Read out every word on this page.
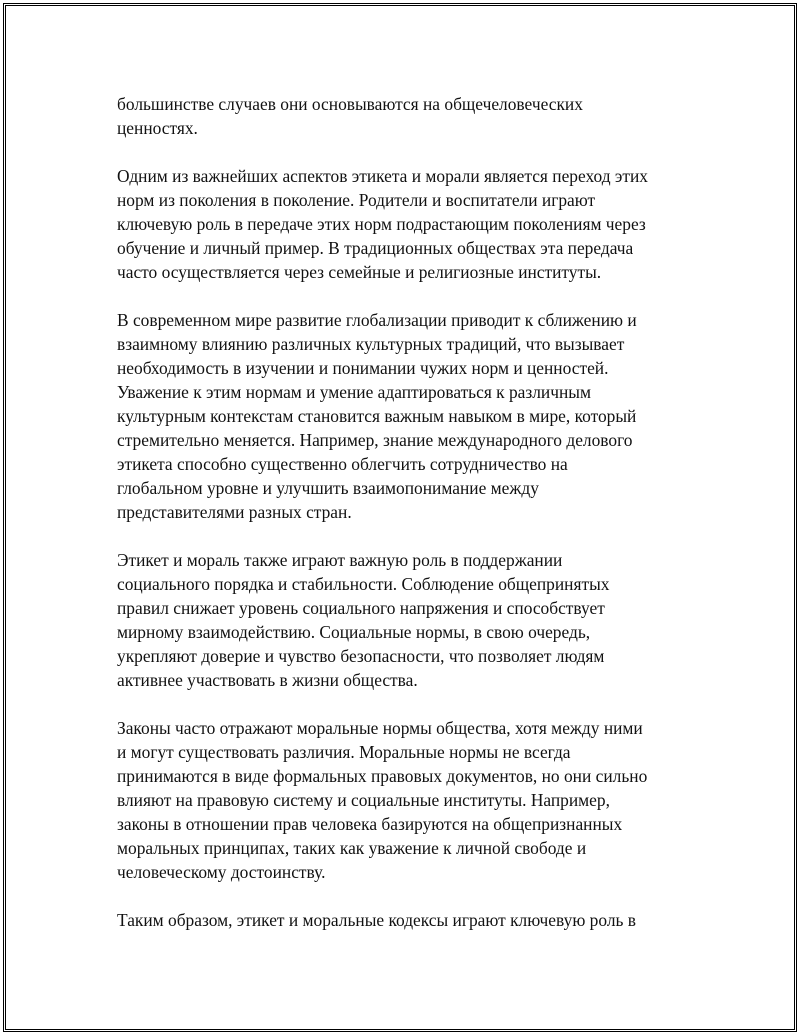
большинстве случаев они основываются на общечеловеческих
ценностях.

Одним из важнейших аспектов этикета и морали является переход этих
норм из поколения в поколение. Родители и воспитатели играют
ключевую роль в передаче этих норм подрастающим поколениям через
обучение и личный пример. В традиционных обществах эта передача
часто осуществляется через семейные и религиозные институты.

В современном мире развитие глобализации приводит к сближению и
взаимному влиянию различных культурных традиций, что вызывает
необходимость в изучении и понимании чужих норм и ценностей.
Уважение к этим нормам и умение адаптироваться к различным
культурным контекстам становится важным навыком в мире, который
стремительно меняется. Например, знание международного делового
этикета способно существенно облегчить сотрудничество на
глобальном уровне и улучшить взаимопонимание между
представителями разных стран.

Этикет и мораль также играют важную роль в поддержании
социального порядка и стабильности. Соблюдение общепринятых
правил снижает уровень социального напряжения и способствует
мирному взаимодействию. Социальные нормы, в свою очередь,
укрепляют доверие и чувство безопасности, что позволяет людям
активнее участвовать в жизни общества.

Законы часто отражают моральные нормы общества, хотя между ними
и могут существовать различия. Моральные нормы не всегда
принимаются в виде формальных правовых документов, но они сильно
влияют на правовую систему и социальные институты. Например,
законы в отношении прав человека базируются на общепризнанных
моральных принципах, таких как уважение к личной свободе и
человеческому достоинству.

Таким образом, этикет и моральные кодексы играют ключевую роль в
